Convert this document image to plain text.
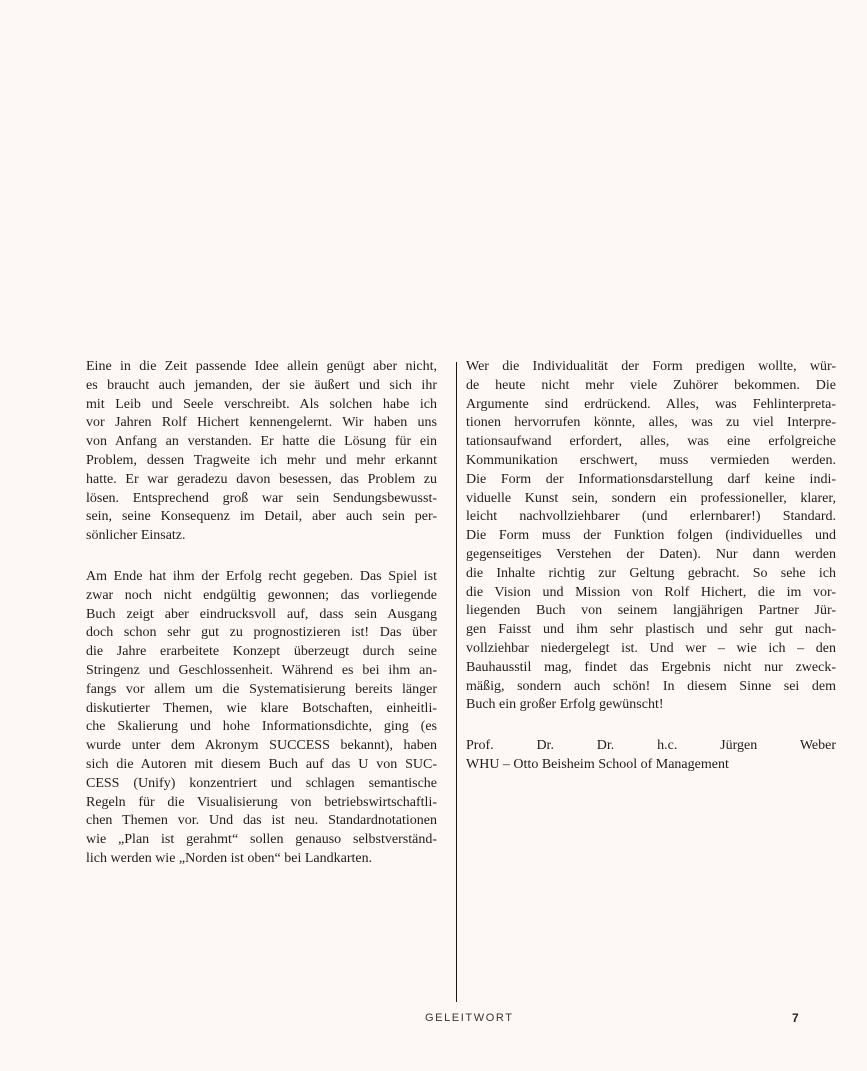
Eine in die Zeit passende Idee allein genügt aber nicht,
es braucht auch jemanden, der sie äußert und sich ihr
mit Leib und Seele verschreibt. Als solchen habe ich
vor Jahren Rolf Hichert kennengelernt. Wir haben uns
von Anfang an verstanden. Er hatte die Lösung für ein
Problem, dessen Tragweite ich mehr und mehr erkannt
hatte. Er war geradezu davon besessen, das Problem zu
lösen. Entsprechend groß war sein Sendungsbewusst-
sein, seine Konsequenz im Detail, aber auch sein per-
sönlicher Einsatz.
Am Ende hat ihm der Erfolg recht gegeben. Das Spiel ist
zwar noch nicht endgültig gewonnen; das vorliegende
Buch zeigt aber eindrucksvoll auf, dass sein Ausgang
doch schon sehr gut zu prognostizieren ist! Das über
die Jahre erarbeitete Konzept überzeugt durch seine
Stringenz und Geschlossenheit. Während es bei ihm an-
fangs vor allem um die Systematisierung bereits länger
diskutierter Themen, wie klare Botschaften, einheitli-
che Skalierung und hohe Informationsdichte, ging (es
wurde unter dem Akronym SUCCESS bekannt), haben
sich die Autoren mit diesem Buch auf das U von SUC-
CESS (Unify) konzentriert und schlagen semantische
Regeln für die Visualisierung von betriebswirtschaftli-
chen Themen vor. Und das ist neu. Standardnotationen
wie „Plan ist gerahmt“ sollen genauso selbstverständ-
lich werden wie „Norden ist oben“ bei Landkarten.
Wer die Individualität der Form predigen wollte, wür-
de heute nicht mehr viele Zuhörer bekommen. Die
Argumente sind erdrückend. Alles, was Fehlinterpreta-
tionen hervorrufen könnte, alles, was zu viel Interpre-
tationsaufwand erfordert, alles, was eine erfolgreiche
Kommunikation erschwert, muss vermieden werden.
Die Form der Informationsdarstellung darf keine indi-
viduelle Kunst sein, sondern ein professioneller, klarer,
leicht nachvollziehbarer (und erlernbarer!) Standard.
Die Form muss der Funktion folgen (individuelles und
gegenseitiges Verstehen der Daten). Nur dann werden
die Inhalte richtig zur Geltung gebracht. So sehe ich
die Vision und Mission von Rolf Hichert, die im vor-
liegenden Buch von seinem langjährigen Partner Jür-
gen Faisst und ihm sehr plastisch und sehr gut nach-
vollziehbar niedergelegt ist. Und wer – wie ich – den
Bauhausstil mag, findet das Ergebnis nicht nur zweck-
mäßig, sondern auch schön! In diesem Sinne sei dem
Buch ein großer Erfolg gewünscht!
Prof. Dr. Dr. h.c. Jürgen Weber
WHU – Otto Beisheim School of Management
GELEITWORT	7
